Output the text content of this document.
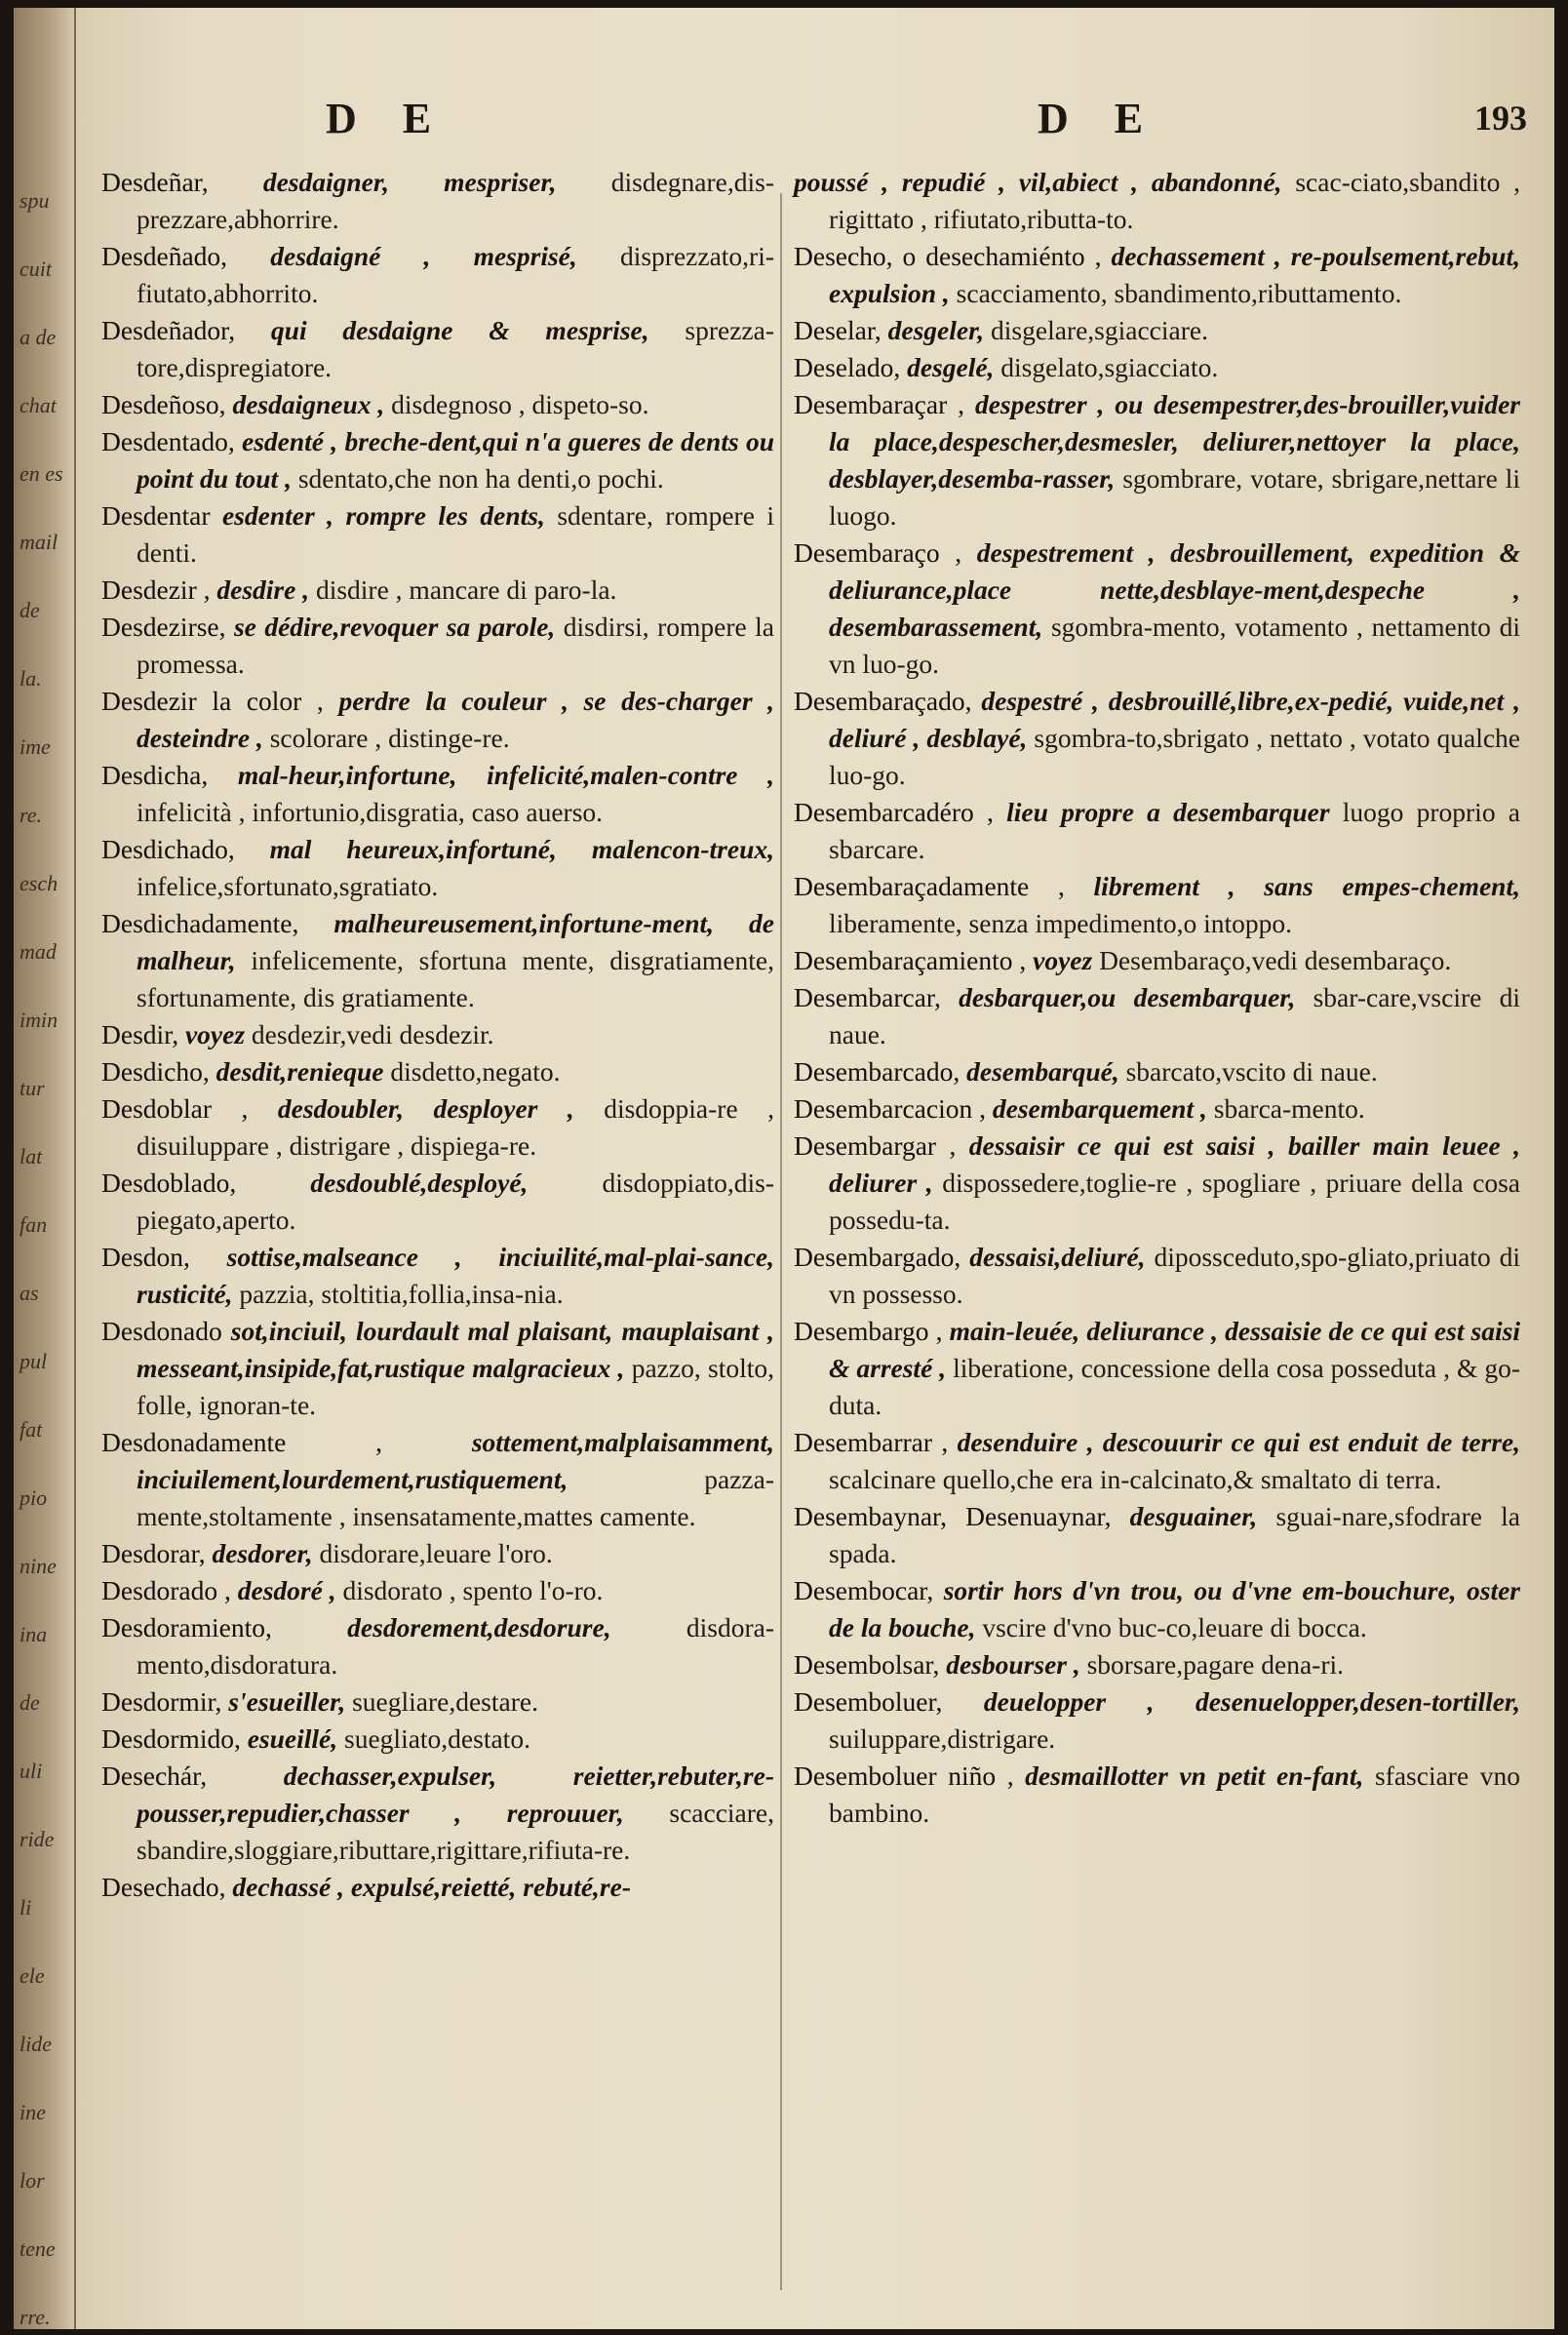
spu
cuit
a de
chat
en es
mail
de
la.
ime
re.
esch
mad
imin
tur
lat
fan
as
pul
fat
pio
nine
ina
de
uli
ride
li
ele
lide
ine
lor
tene
rre.
D E	D E	193

Desdeñar, desdaigner, mespriser, disdegnare,dis-prezzare,abhorrire.

Desdeñado, desdaigné , mesprisé, disprezzato,ri-fiutato,abhorrito.

Desdeñador, qui desdaigne & mesprise, sprezza-tore,dispregiatore.

Desdeñoso, desdaigneux , disdegnoso , dispeto-so.

Desdentado, esdenté , breche-dent,qui n'a gueres de dents ou point du tout , sdentato,che non ha denti,o pochi.

Desdentar esdenter , rompre les dents, sdentare, rompere i denti.

Desdezir , desdire , disdire , mancare di paro-la.

Desdezirse, se dédire,revoquer sa parole, disdirsi, rompere la promessa.

Desdezir la color , perdre la couleur , se des-charger , desteindre , scolorare , distinge-re.

Desdicha, mal-heur,infortune, infelicité,malen-contre , infelicità , infortunio,disgratia, caso auerso.

Desdichado, mal heureux,infortuné, malencon-treux, infelice,sfortunato,sgratiato.

Desdichadamente, malheureusement,infortune-ment, de malheur, infelicemente, sfortuna mente, disgratiamente, sfortunamente, dis gratiamente.

Desdir, voyez desdezir,vedi desdezir.

Desdicho, desdit,renieque disdetto,negato.

Desdoblar , desdoubler, desployer , disdoppia-re , disuiluppare , distrigare , dispiega-re.

Desdoblado,	desdoublé,desployé,	disdoppiato,dis-piegato,aperto.

Desdon, sottise,malseance , inciuilité,mal-plai-sance, rusticité, pazzia, stoltitia,follia,insa-nia.

Desdonado sot,inciuil, lourdault mal plaisant, mauplaisant , messeant,insipide,fat,rustique malgracieux , pazzo, stolto, folle, ignoran-te.

Desdonadamente ,	sottement,malplaisamment, inciuilement,lourdement,rustiquement,	pazza-mente,stoltamente , insensatamente,mattes camente.

Desdorar, desdorer, disdorare,leuare l'oro.

Desdorado , desdoré , disdorato , spento l'o-ro.

Desdoramiento,	desdorement,desdorure,	disdora-mento,disdoratura.

Desdormir, s'esueiller, suegliare,destare.

Desdormido, esueillé, suegliato,destato.

Desechár,	dechasser,expulser, reietter,rebuter,re-pousser,repudier,chasser , reprouuer, scacciare, sbandire,sloggiare,ributtare,rigittare,rifiuta-re.

Desechado, dechassé , expulsé,reietté, rebuté,re-

poussé , repudié , vil,abiect , abandonné, scac-ciato,sbandito , rigittato , rifiutato,ributta-to.

Desecho, o desechamiénto , dechassement , re-poulsement,rebut, expulsion , scacciamento, sbandimento,ributtamento.

Deselar, desgeler, disgelare,sgiacciare.

Deselado, desgelé, disgelato,sgiacciato.

Desembaraçar , despestrer , ou desempestrer,des-brouiller,vuider la place,despescher,desmesler, deliurer,nettoyer la place, desblayer,desemba-rasser, sgombrare, votare, sbrigare,nettare li luogo.

Desembaraço , despestrement , desbrouillement, expedition & deliurance,place nette,desblaye-ment,despeche , desembarassement, sgombra-mento, votamento , nettamento di vn luo-go.

Desembaraçado, despestré , desbrouillé,libre,ex-pedié, vuide,net , deliuré , desblayé, sgombra-to,sbrigato , nettato , votato qualche luo-go.

Desembarcadéro , lieu propre a desembarquer luogo proprio a sbarcare.

Desembaraçadamente , librement , sans empes-chement, liberamente, senza impedimento,o intoppo.

Desembaraçamiento , voyez Desembaraço,vedi desembaraço.

Desembarcar, desbarquer,ou desembarquer, sbar-care,vscire di naue.

Desembarcado, desembarqué, sbarcato,vscito di naue.

Desembarcacion , desembarquement , sbarca-mento.

Desembargar , dessaisir ce qui est saisi , bailler main leuee , deliurer , dispossedere,toglie-re , spogliare , priuare della cosa possedu-ta.

Desembargado, dessaisi,deliuré, dipossceduto,spo-gliato,priuato di vn possesso.

Desembargo , main-leuée, deliurance , dessaisie de ce qui est saisi & arresté , liberatione, concessione della cosa posseduta , & go-duta.

Desembarrar , desenduire , descouurir ce qui est enduit de terre, scalcinare quello,che era in-calcinato,& smaltato di terra.

Desembaynar, Desenuaynar, desguainer, sguai-nare,sfodrare la spada.

Desembocar, sortir hors d'vn trou, ou d'vne em-bouchure, oster de la bouche, vscire d'vno buc-co,leuare di bocca.

Desembolsar, desbourser , sborsare,pagare dena-ri.

Desemboluer, deuelopper , desenuelopper,desen-tortiller, suiluppare,distrigare.

Desemboluer niño , desmaillotter vn petit en-fant, sfasciare vno bambino.
